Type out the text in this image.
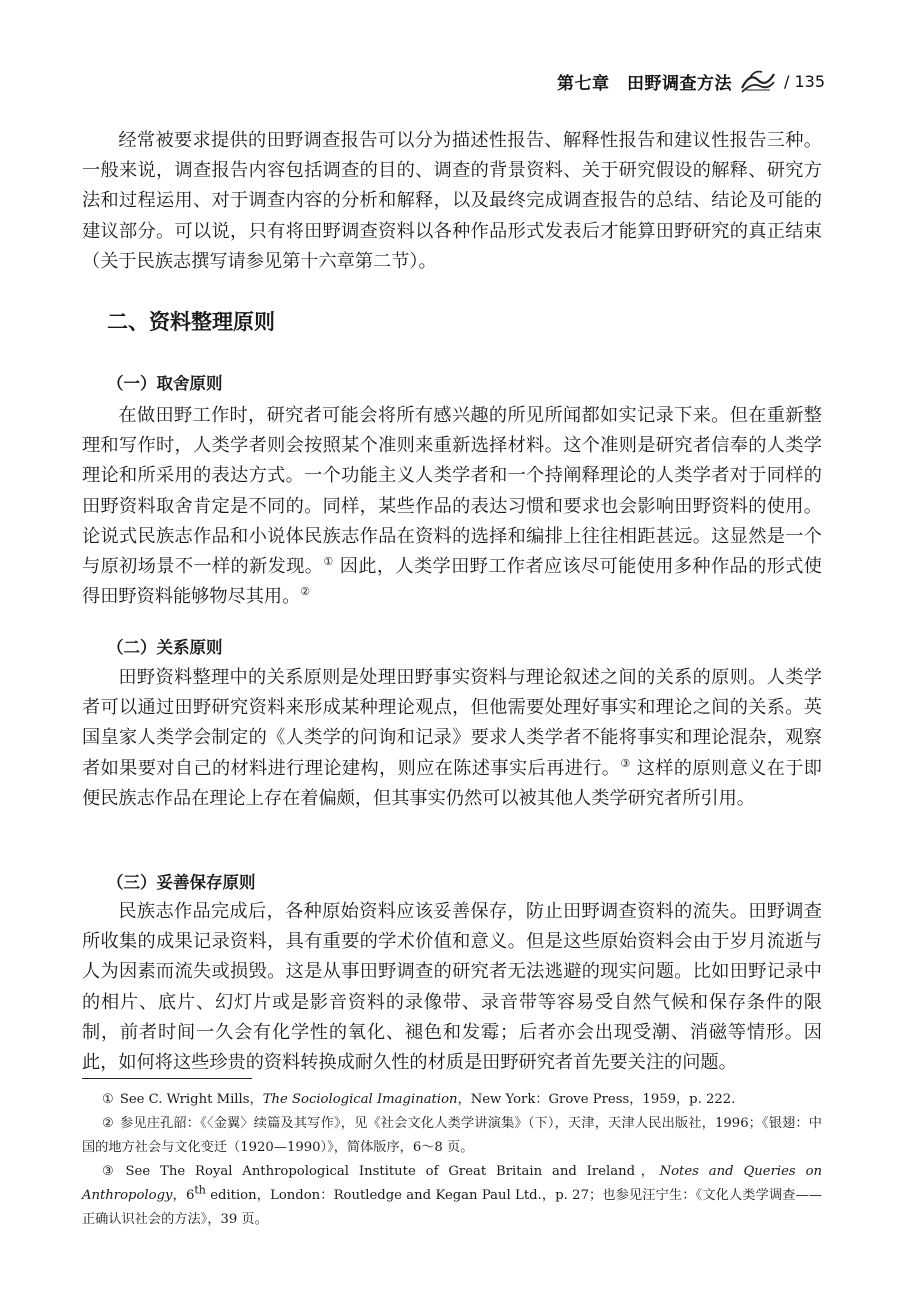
第七章　田野调查方法	/ 135

经常被要求提供的田野调查报告可以分为描述性报告、解释性报告和建议性报告三种。一般来说，调查报告内容包括调查的目的、调查的背景资料、关于研究假设的解释、研究方法和过程运用、对于调查内容的分析和解释，以及最终完成调查报告的总结、结论及可能的建议部分。可以说，只有将田野调查资料以各种作品形式发表后才能算田野研究的真正结束（关于民族志撰写请参见第十六章第二节）。

二、资料整理原则
（一）取舍原则

在做田野工作时，研究者可能会将所有感兴趣的所见所闻都如实记录下来。但在重新整理和写作时，人类学者则会按照某个准则来重新选择材料。这个准则是研究者信奉的人类学理论和所采用的表达方式。一个功能主义人类学者和一个持阐释理论的人类学者对于同样的田野资料取舍肯定是不同的。同样，某些作品的表达习惯和要求也会影响田野资料的使用。论说式民族志作品和小说体民族志作品在资料的选择和编排上往往相距甚远。这显然是一个与原初场景不一样的新发现。① 因此，人类学田野工作者应该尽可能使用多种作品的形式使得田野资料能够物尽其用。②

（二）关系原则

田野资料整理中的关系原则是处理田野事实资料与理论叙述之间的关系的原则。人类学者可以通过田野研究资料来形成某种理论观点，但他需要处理好事实和理论之间的关系。英国皇家人类学会制定的《人类学的问询和记录》要求人类学者不能将事实和理论混杂，观察者如果要对自己的材料进行理论建构，则应在陈述事实后再进行。③ 这样的原则意义在于即便民族志作品在理论上存在着偏颇，但其事实仍然可以被其他人类学研究者所引用。

（三）妥善保存原则

民族志作品完成后，各种原始资料应该妥善保存，防止田野调查资料的流失。田野调查所收集的成果记录资料，具有重要的学术价值和意义。但是这些原始资料会由于岁月流逝与人为因素而流失或损毁。这是从事田野调查的研究者无法逃避的现实问题。比如田野记录中的相片、底片、幻灯片或是影音资料的录像带、录音带等容易受自然气候和保存条件的限制，前者时间一久会有化学性的氧化、褪色和发霉；后者亦会出现受潮、消磁等情形。因此，如何将这些珍贵的资料转换成耐久性的材质是田野研究者首先要关注的问题。

① See C. Wright Mills，The Sociological Imagination，New York：Grove Press，1959，p. 222.

② 参见庄孔韶：《〈金翼〉续篇及其写作》，见《社会文化人类学讲演集》（下），天津，天津人民出版社，1996；《银翅：中国的地方社会与文化变迁（1920—1990）》，简体版序，6～8 页。

③ See The Royal Anthropological Institute of Great Britain and Ireland，Notes and Queries on Anthropology，6th edition，London：Routledge and Kegan Paul Ltd.，p. 27；也参见汪宁生：《文化人类学调查——正确认识社会的方法》，39 页。
